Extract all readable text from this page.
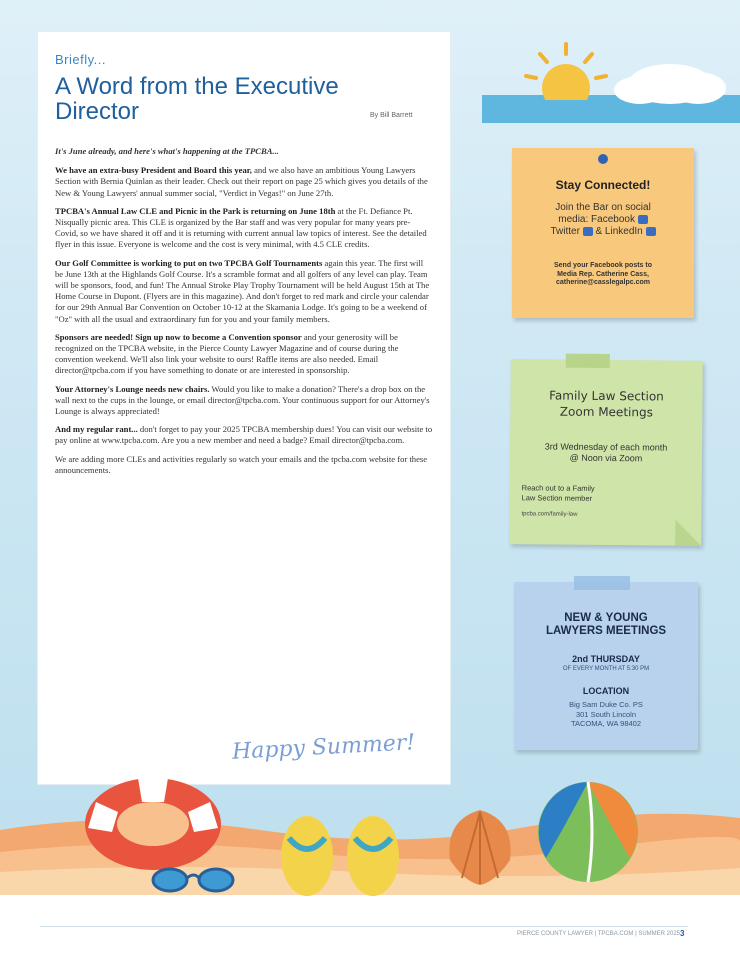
Briefly...
A Word from the Executive Director	By Bill Barrett

It's June already, and here's what's happening at the TPCBA...

We have an extra-busy President and Board this year, and we also have an ambitious Young Lawyers Section with Bernia Quinlan as their leader. Check out their report on page 25 which gives you details of the New & Young Lawyers' annual summer social, "Verdict in Vegas!" on June 27th.

TPCBA's Annual Law CLE and Picnic in the Park is returning on June 18th at the Ft. Defiance Pt. Nisqually picnic area. This CLE is organized by the Bar staff and was very popular for many years pre-Covid, so we have shared it off and it is returning with current annual law topics of interest. See the detailed flyer in this issue. Everyone is welcome and the cost is very minimal, with 4.5 CLE credits.

Our Golf Committee is working to put on two TPCBA Golf Tournaments again this year. The first will be June 13th at the Highlands Golf Course. It's a scramble format and all golfers of any level can play. Team will be sponsors, food, and fun! The Annual Stroke Play Trophy Tournament will be held August 15th at The Home Course in Dupont. (Flyers are in this magazine). And don't forget to red mark and circle your calendar for our 29th Annual Bar Convention on October 10-12 at the Skamania Lodge. It's going to be a weekend of "Oz" with all the usual and extraordinary fun for you and your family members.

Sponsors are needed! Sign up now to become a Convention sponsor and your generosity will be recognized on the TPCBA website, in the Pierce County Lawyer Magazine and of course during the convention weekend. We'll also link your website to ours! Raffle items are also needed. Email director@tpcba.com if you have something to donate or are interested in sponsorship.

Your Attorney's Lounge needs new chairs. Would you like to make a donation? There's a drop box on the wall next to the cups in the lounge, or email director@tpcba.com. Your continuous support for our Attorney's Lounge is always appreciated!

And my regular rant... don't forget to pay your 2025 TPCBA membership dues! You can visit our website to pay online at www.tpcba.com. Are you a new member and need a badge? Email director@tpcba.com.

We are adding more CLEs and activities regularly so watch your emails and the tpcba.com website for these announcements.

Happy Summer!
Stay Connected!
Join the Bar on social
media: Facebook
Twitter & LinkedIn
Send your Facebook posts to
Media Rep. Catherine Cass,
catherine@casslegalpc.com
Family Law Section
Zoom Meetings
3rd Wednesday of each month
@ Noon via Zoom
Reach out to a Family
Law Section member
tpcba.com/family-law
NEW & YOUNG
LAWYERS MEETINGS
2nd THURSDAY
OF EVERY MONTH AT 5:30 PM
LOCATION
Big Sam Duke Co. PS
301 South Lincoln
TACOMA, WA 98402
PIERCE COUNTY LAWYER | TPCBA.COM | SUMMER 2025 3
